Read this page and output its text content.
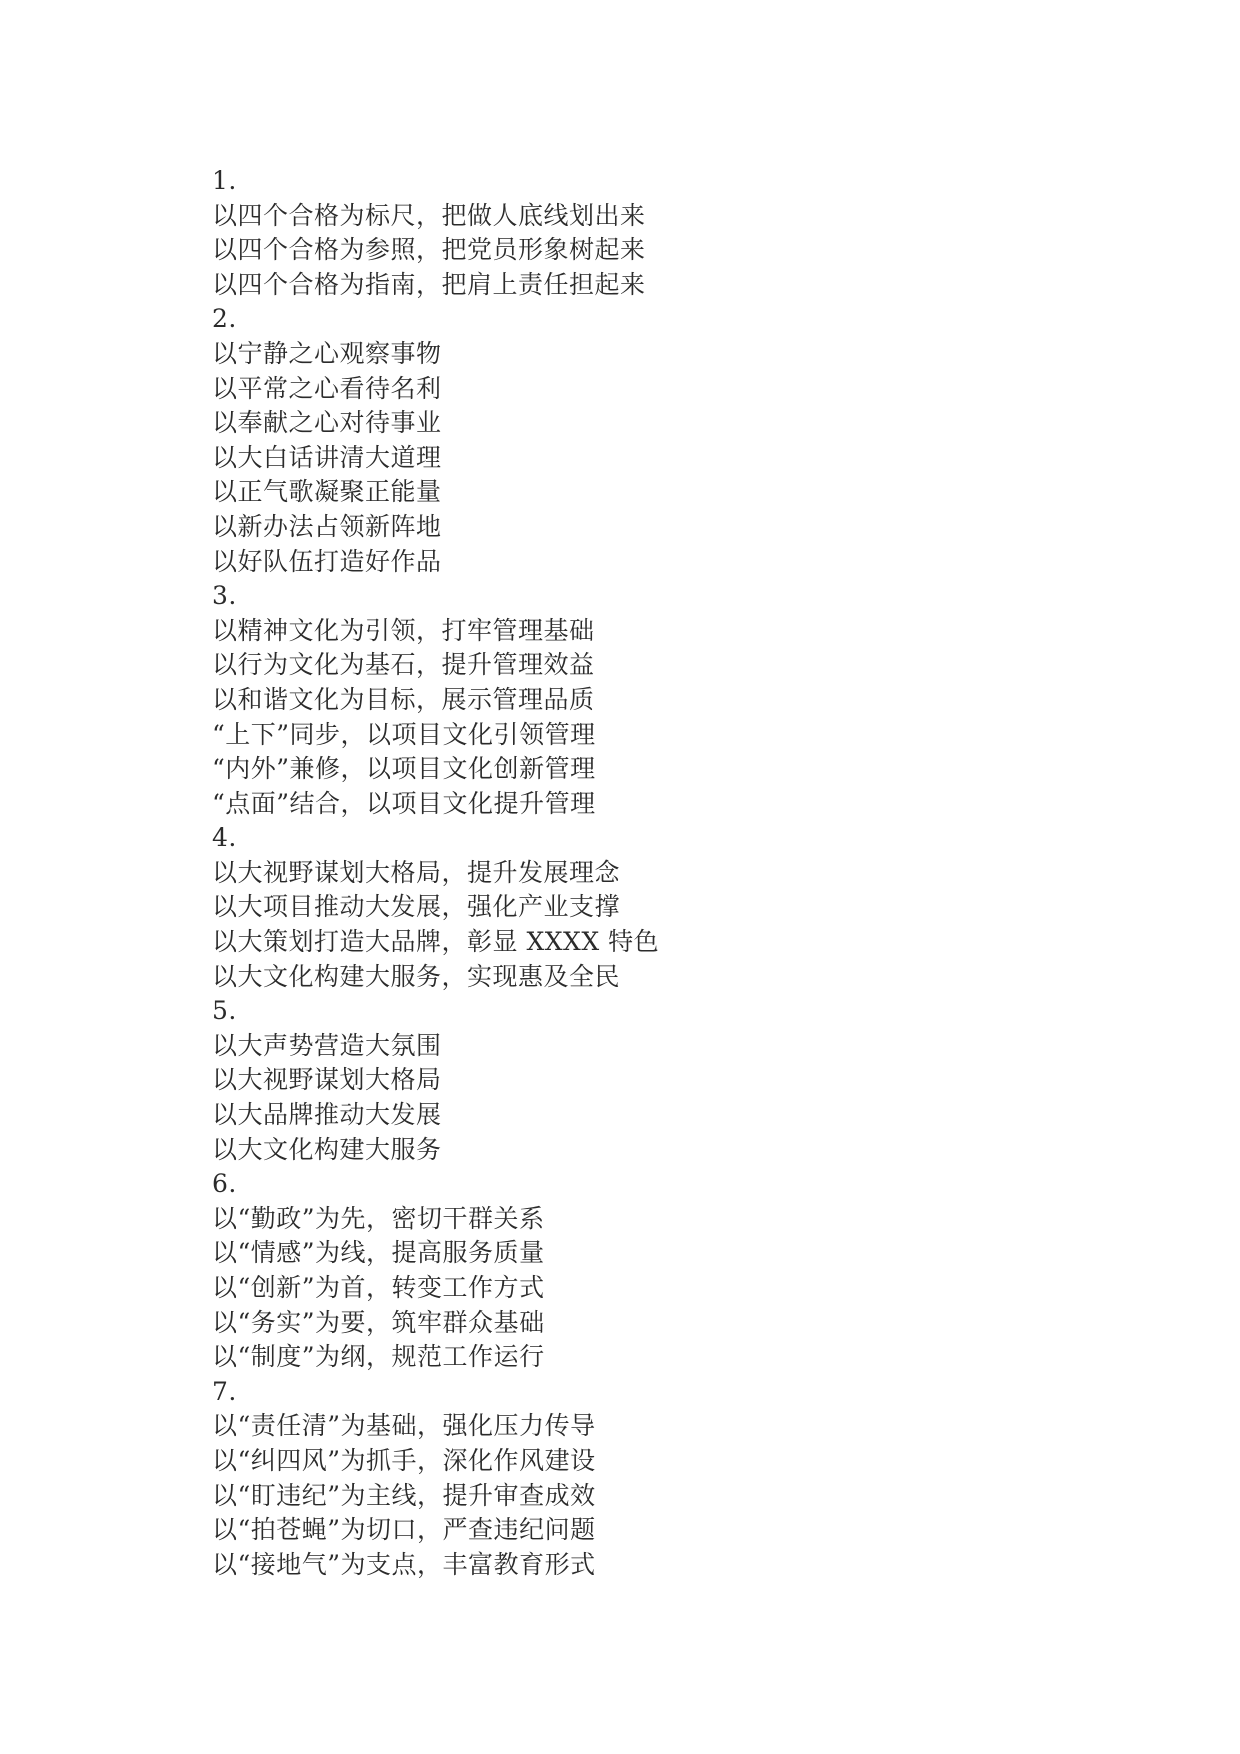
1.
以四个合格为标尺，把做人底线划出来
以四个合格为参照，把党员形象树起来
以四个合格为指南，把肩上责任担起来
2.
以宁静之心观察事物
以平常之心看待名利
以奉献之心对待事业
以大白话讲清大道理
以正气歌凝聚正能量
以新办法占领新阵地
以好队伍打造好作品
3.
以精神文化为引领，打牢管理基础
以行为文化为基石，提升管理效益
以和谐文化为目标，展示管理品质
“上下”同步，以项目文化引领管理
“内外”兼修，以项目文化创新管理
“点面”结合，以项目文化提升管理
4.
以大视野谋划大格局，提升发展理念
以大项目推动大发展，强化产业支撑
以大策划打造大品牌，彰显 XXXX 特色
以大文化构建大服务，实现惠及全民
5.
以大声势营造大氛围
以大视野谋划大格局
以大品牌推动大发展
以大文化构建大服务
6.
以“勤政”为先，密切干群关系
以“情感”为线，提高服务质量
以“创新”为首，转变工作方式
以“务实”为要，筑牢群众基础
以“制度”为纲，规范工作运行
7.
以“责任清”为基础，强化压力传导
以“纠四风”为抓手，深化作风建设
以“盯违纪”为主线，提升审查成效
以“拍苍蝇”为切口，严查违纪问题
以“接地气”为支点，丰富教育形式
